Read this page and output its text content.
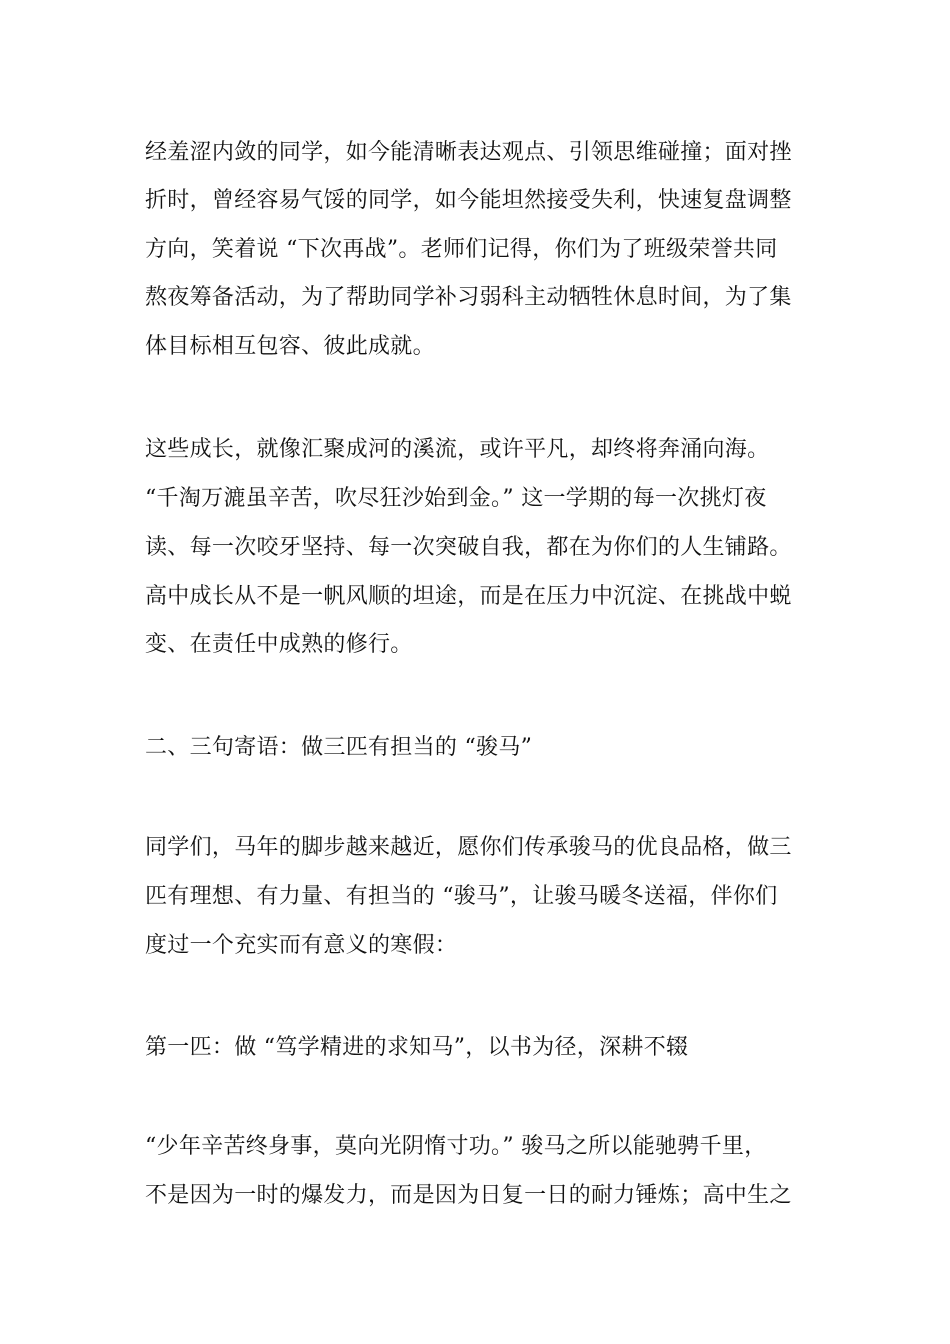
经羞涩内敛的同学，如今能清晰表达观点、引领思维碰撞；面对挫
折时，曾经容易气馁的同学，如今能坦然接受失利，快速复盘调整
方向，笑着说 “下次再战”。老师们记得，你们为了班级荣誉共同
熬夜筹备活动，为了帮助同学补习弱科主动牺牲休息时间，为了集
体目标相互包容、彼此成就。
这些成长，就像汇聚成河的溪流，或许平凡，却终将奔涌向海。
“千淘万漉虽辛苦，吹尽狂沙始到金。” 这一学期的每一次挑灯夜
读、每一次咬牙坚持、每一次突破自我，都在为你们的人生铺路。
高中成长从不是一帆风顺的坦途，而是在压力中沉淀、在挑战中蜕
变、在责任中成熟的修行。
二、三句寄语：做三匹有担当的 “骏马”
同学们，马年的脚步越来越近，愿你们传承骏马的优良品格，做三
匹有理想、有力量、有担当的 “骏马”，让骏马暖冬送福，伴你们
度过一个充实而有意义的寒假：
第一匹：做 “笃学精进的求知马”，以书为径，深耕不辍
“少年辛苦终身事，莫向光阴惰寸功。” 骏马之所以能驰骋千里，
不是因为一时的爆发力，而是因为日复一日的耐力锤炼；高中生之
